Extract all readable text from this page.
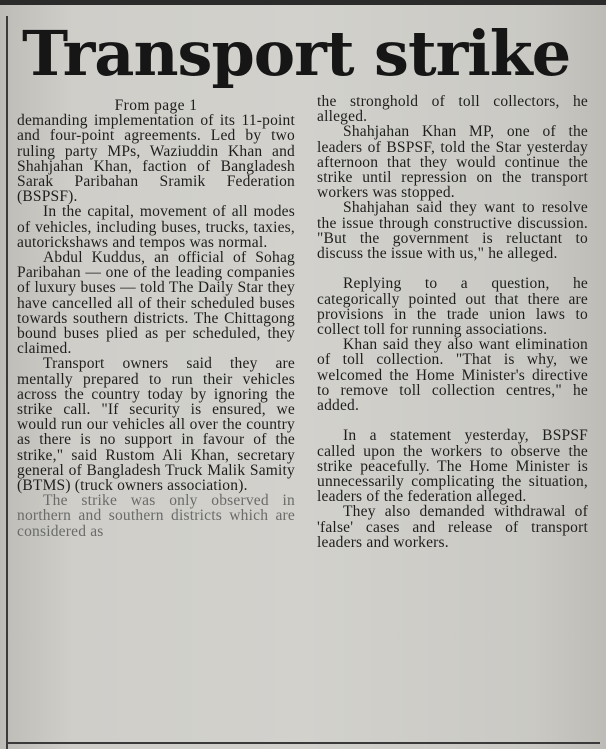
Transport strike
From page 1

demanding implementation of its 11-point and four-point agreements. Led by two ruling party MPs, Waziuddin Khan and Shahjahan Khan, faction of Bangladesh Sarak Paribahan Sramik Federation (BSPSF).

In the capital, movement of all modes of vehicles, including buses, trucks, taxies, autorickshaws and tempos was normal.

Abdul Kuddus, an official of Sohag Paribahan — one of the leading companies of luxury buses — told The Daily Star they have cancelled all of their scheduled buses towards southern districts. The Chittagong bound buses plied as per scheduled, they claimed.

Transport owners said they are mentally prepared to run their vehicles across the country today by ignoring the strike call. "If security is ensured, we would run our vehicles all over the country as there is no support in favour of the strike," said Rustom Ali Khan, secretary general of Bangladesh Truck Malik Samity (BTMS) (truck owners association).

The strike was only observed in northern and southern districts which are considered as

the stronghold of toll collectors, he alleged.

Shahjahan Khan MP, one of the leaders of BSPSF, told the Star yesterday afternoon that they would continue the strike until repression on the transport workers was stopped.

Shahjahan said they want to resolve the issue through constructive discussion. "But the government is reluctant to discuss the issue with us," he alleged.

Replying to a question, he categorically pointed out that there are provisions in the trade union laws to collect toll for running associations.

Khan said they also want elimination of toll collection. "That is why, we welcomed the Home Minister's directive to remove toll collection centres," he added.

In a statement yesterday, BSPSF called upon the workers to observe the strike peacefully. The Home Minister is unnecessarily complicating the situation, leaders of the federation alleged.

They also demanded withdrawal of 'false' cases and release of transport leaders and workers.
